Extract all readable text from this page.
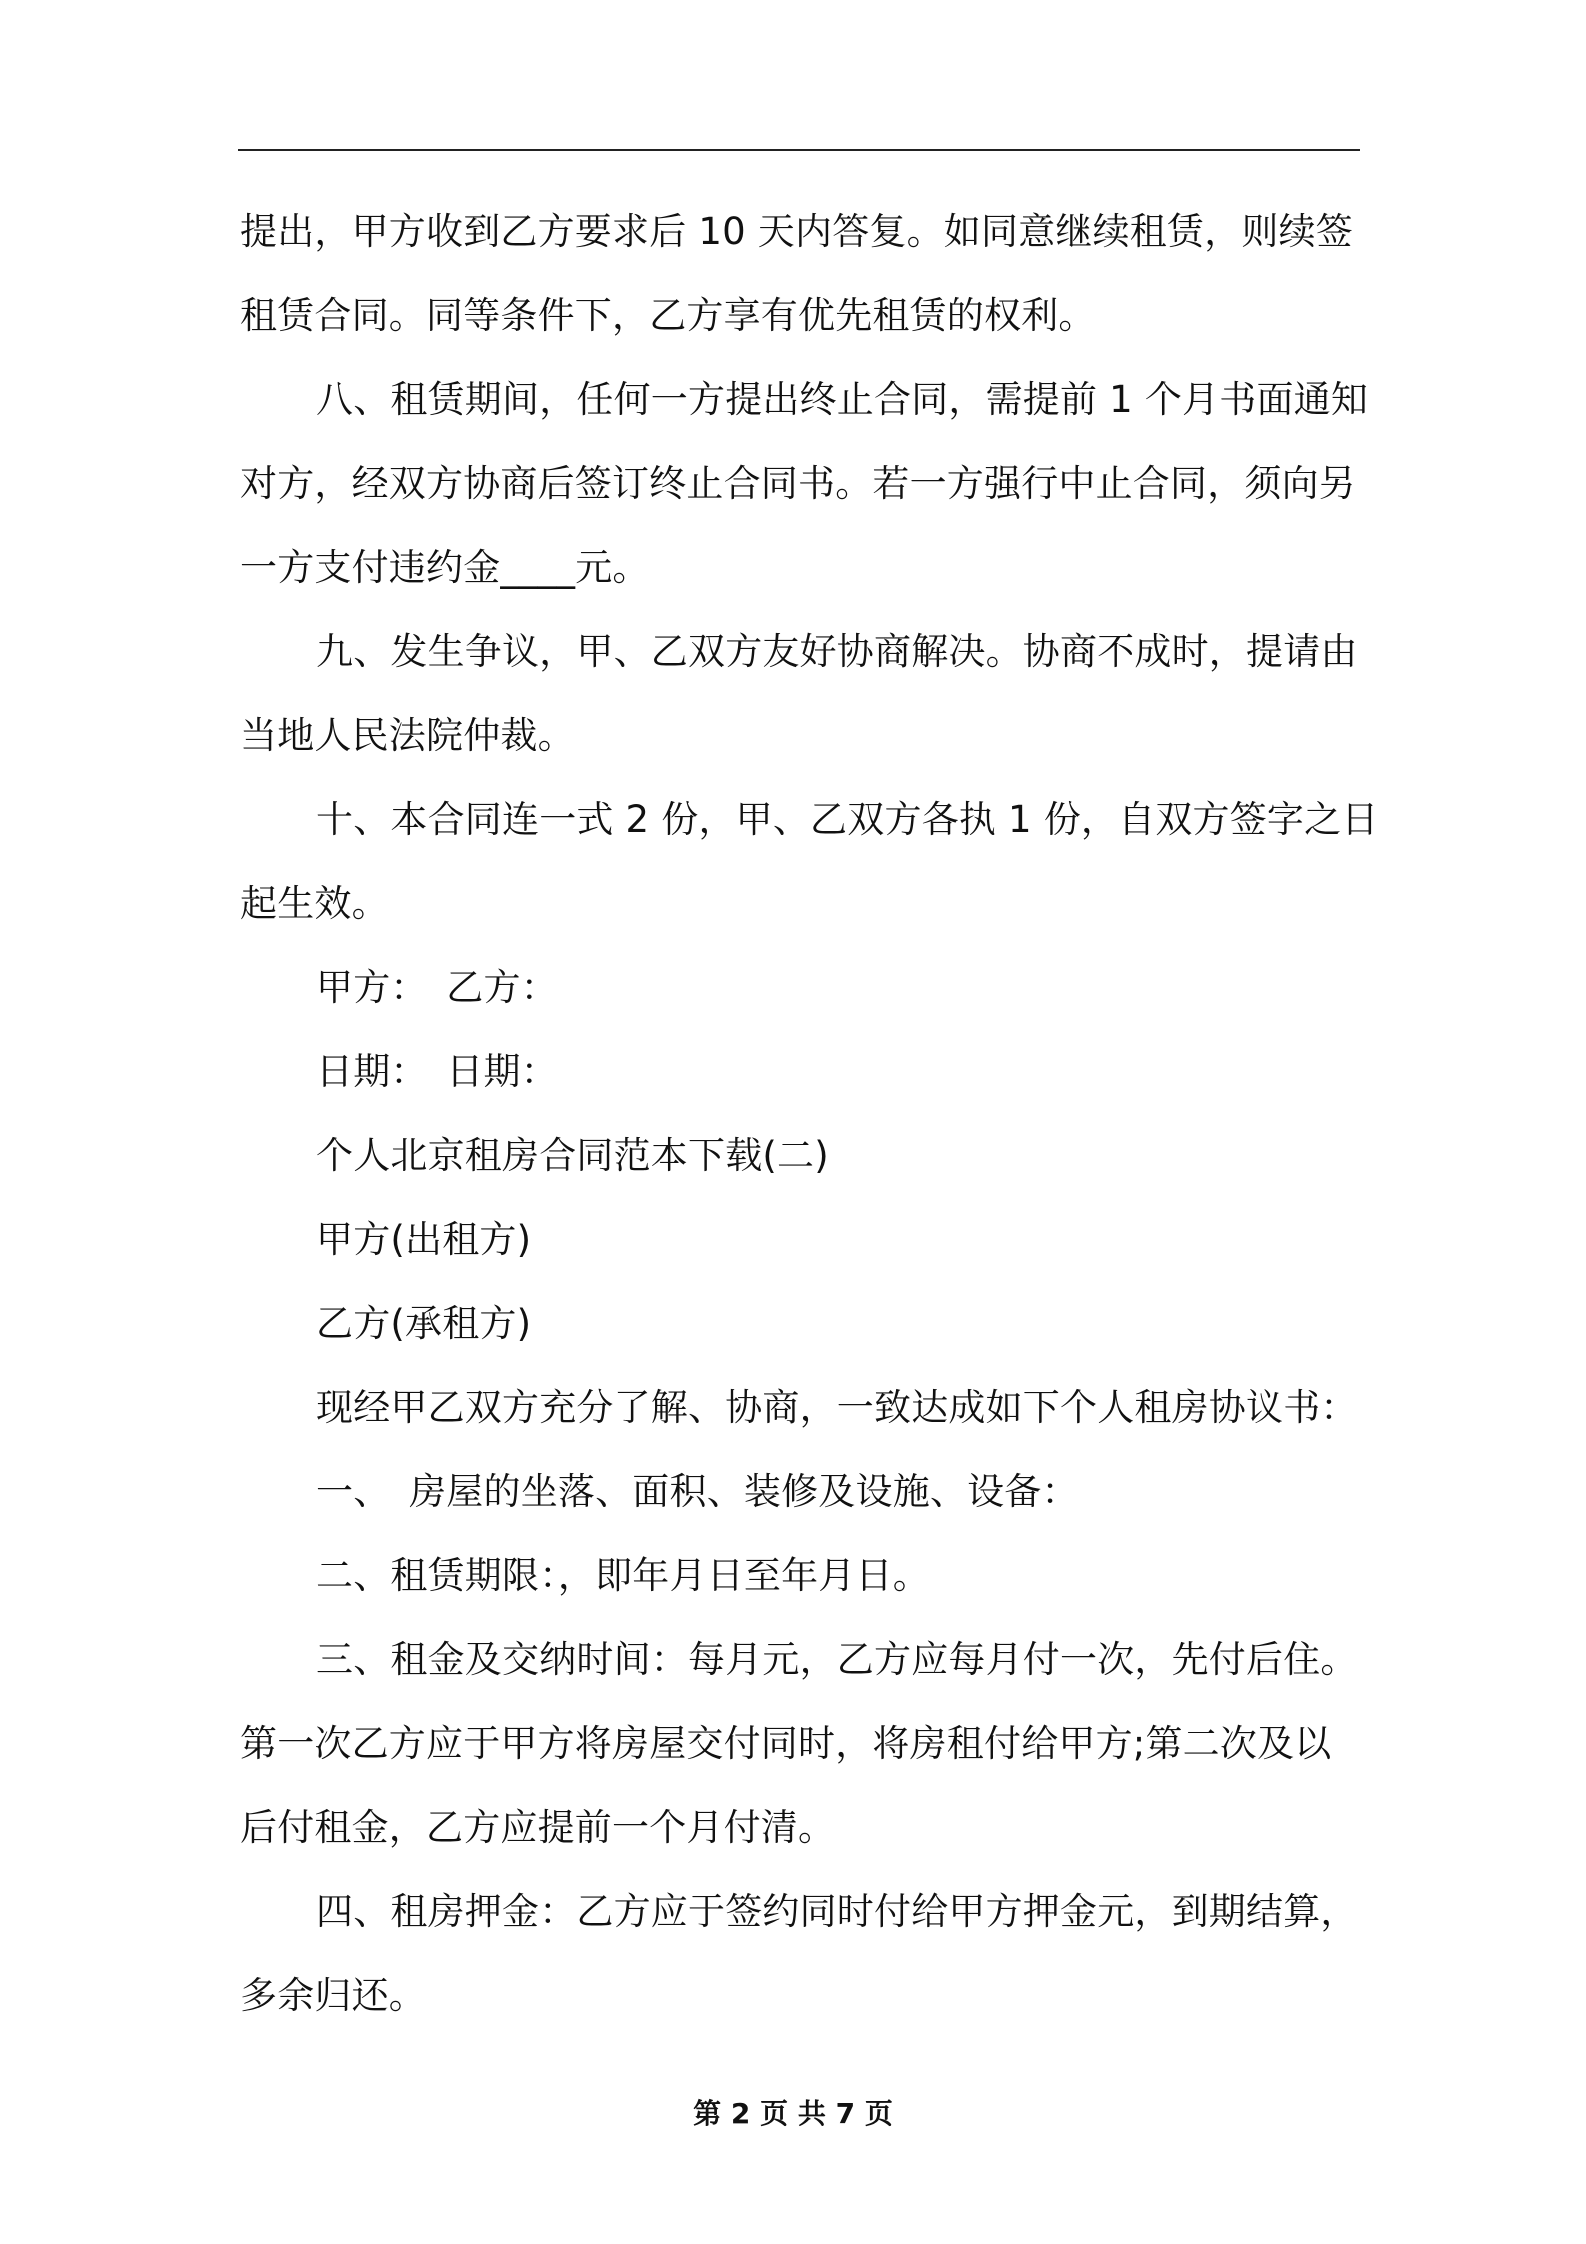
提出，甲方收到乙方要求后 10 天内答复。如同意继续租赁，则续签
租赁合同。同等条件下，乙方享有优先租赁的权利。
八、租赁期间，任何一方提出终止合同，需提前 1 个月书面通知
对方，经双方协商后签订终止合同书。若一方强行中止合同，须向另
一方支付违约金____元。
九、发生争议，甲、乙双方友好协商解决。协商不成时，提请由
当地人民法院仲裁。
十、本合同连一式 2 份，甲、乙双方各执 1 份，自双方签字之日
起生效。
甲方：　乙方：
日期：　日期：
个人北京租房合同范本下载(二)
甲方(出租方)
乙方(承租方)
现经甲乙双方充分了解、协商，一致达成如下个人租房协议书：
一、　房屋的坐落、面积、装修及设施、设备：
二、租赁期限：，即年月日至年月日。
三、租金及交纳时间：每月元，乙方应每月付一次，先付后住。
第一次乙方应于甲方将房屋交付同时，将房租付给甲方;第二次及以
后付租金，乙方应提前一个月付清。
四、租房押金：乙方应于签约同时付给甲方押金元，到期结算，
多余归还。
第 2 页 共 7 页
